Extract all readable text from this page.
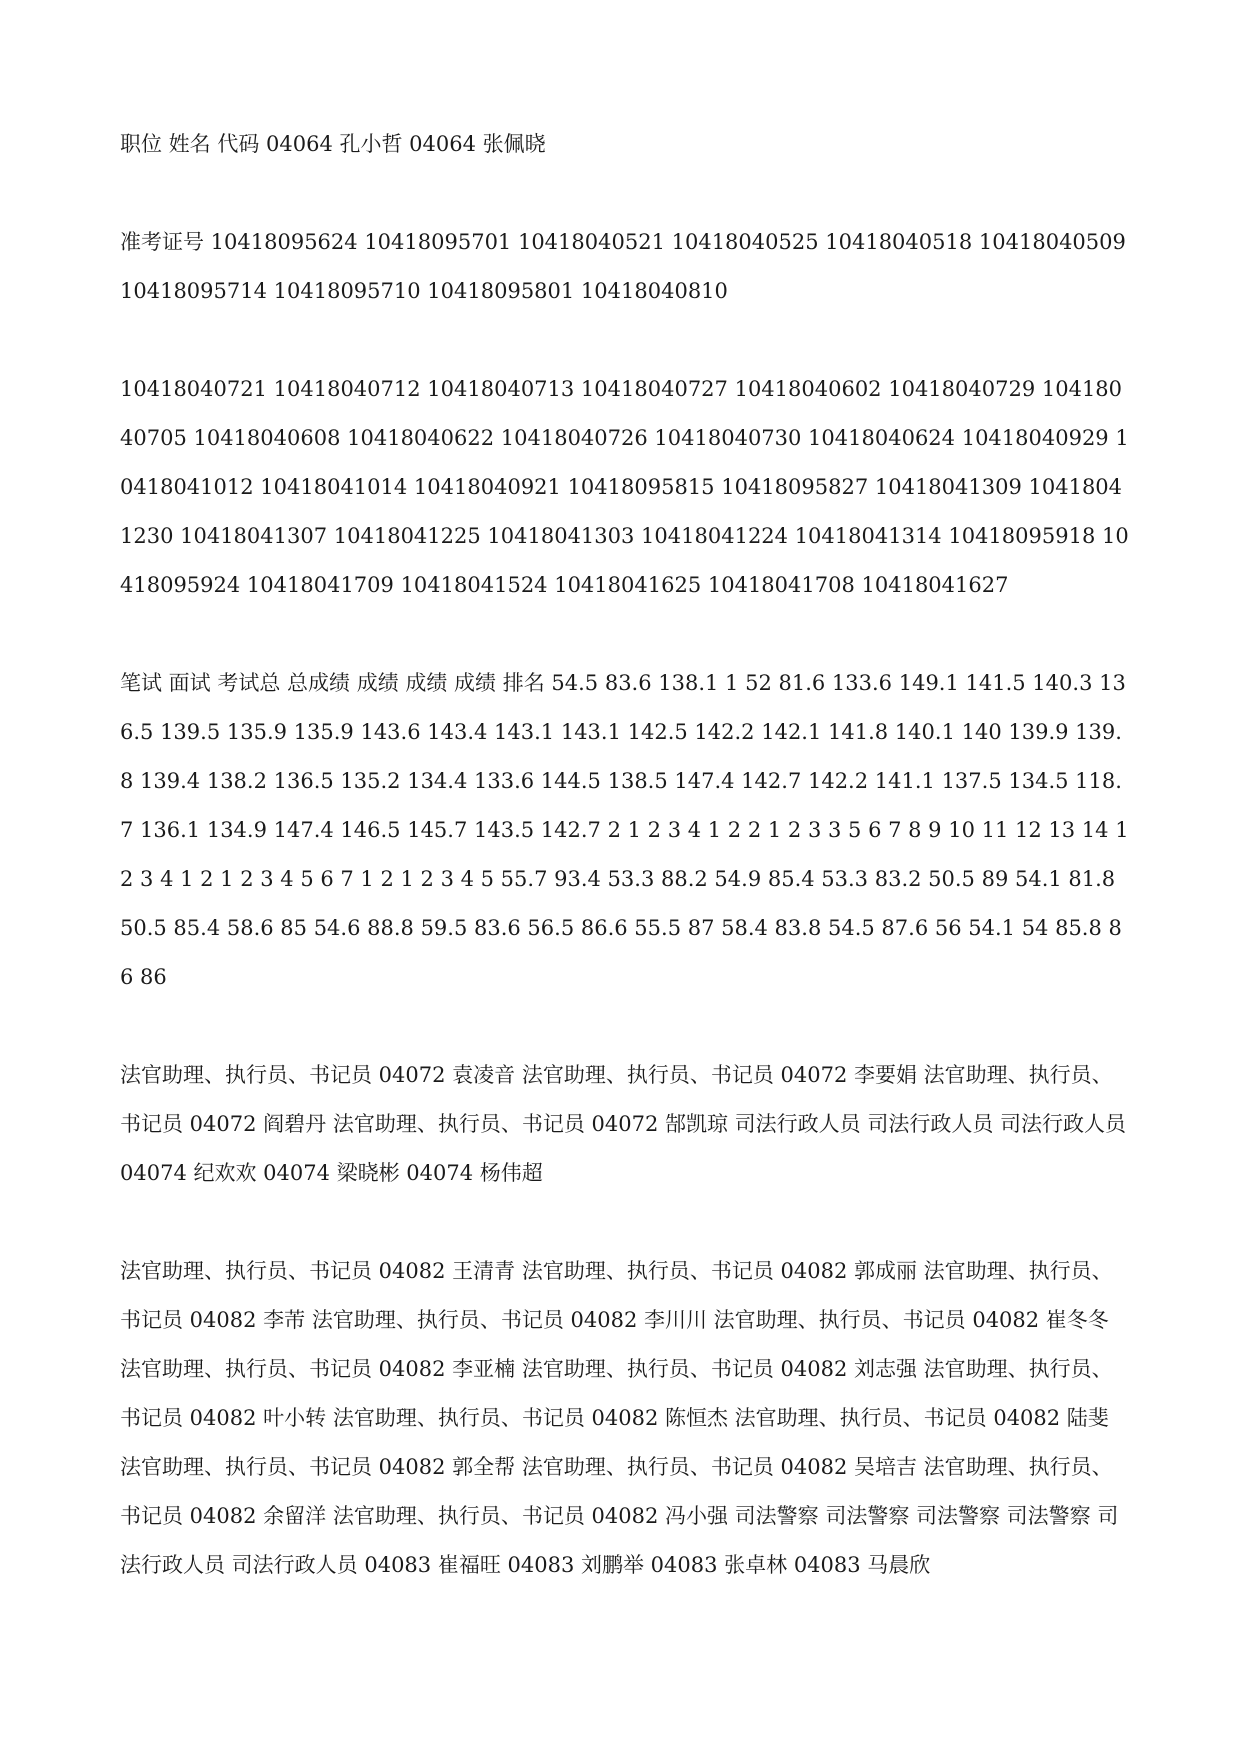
职位 姓名 代码 04064 孔小哲 04064 张佩晓

准考证号 10418095624 10418095701 10418040521 10418040525 10418040518 10418040509 10418095714 10418095710 10418095801 10418040810

10418040721 10418040712 10418040713 10418040727 10418040602 10418040729 10418040705 10418040608 10418040622 10418040726 10418040730 10418040624 10418040929 10418041012 10418041014 10418040921 10418095815 10418095827 10418041309 10418041230 10418041307 10418041225 10418041303 10418041224 10418041314 10418095918 10418095924 10418041709 10418041524 10418041625 10418041708 10418041627

笔试 面试 考试总 总成绩 成绩 成绩 成绩 排名 54.5 83.6 138.1 1 52 81.6 133.6 149.1 141.5 140.3 136.5 139.5 135.9 135.9 143.6 143.4 143.1 143.1 142.5 142.2 142.1 141.8 140.1 140 139.9 139.8 139.4 138.2 136.5 135.2 134.4 133.6 144.5 138.5 147.4 142.7 142.2 141.1 137.5 134.5 118.7 136.1 134.9 147.4 146.5 145.7 143.5 142.7 2 1 2 3 4 1 2 2 1 2 3 3 5 6 7 8 9 10 11 12 13 14 1 2 3 4 1 2 1 2 3 4 5 6 7 1 2 1 2 3 4 5 55.7 93.4 53.3 88.2 54.9 85.4 53.3 83.2 50.5 89 54.1 81.8 50.5 85.4 58.6 85 54.6 88.8 59.5 83.6 56.5 86.6 55.5 87 58.4 83.8 54.5 87.6 56 54.1 54 85.8 86 86

法官助理、执行员、书记员 04072 袁凌音 法官助理、执行员、书记员 04072 李要娟 法官助理、执行员、书记员 04072 阎碧丹 法官助理、执行员、书记员 04072 郜凯琼 司法行政人员 司法行政人员 司法行政人员 04074 纪欢欢 04074 梁晓彬 04074 杨伟超

法官助理、执行员、书记员 04082 王清青 法官助理、执行员、书记员 04082 郭成丽 法官助理、执行员、书记员 04082 李芾 法官助理、执行员、书记员 04082 李川川 法官助理、执行员、书记员 04082 崔冬冬 法官助理、执行员、书记员 04082 李亚楠 法官助理、执行员、书记员 04082 刘志强 法官助理、执行员、书记员 04082 叶小转 法官助理、执行员、书记员 04082 陈恒杰 法官助理、执行员、书记员 04082 陆斐 法官助理、执行员、书记员 04082 郭全帮 法官助理、执行员、书记员 04082 吴培吉 法官助理、执行员、书记员 04082 余留洋 法官助理、执行员、书记员 04082 冯小强 司法警察 司法警察 司法警察 司法警察 司法行政人员 司法行政人员 04083 崔福旺 04083 刘鹏举 04083 张卓林 04083 马晨欣
